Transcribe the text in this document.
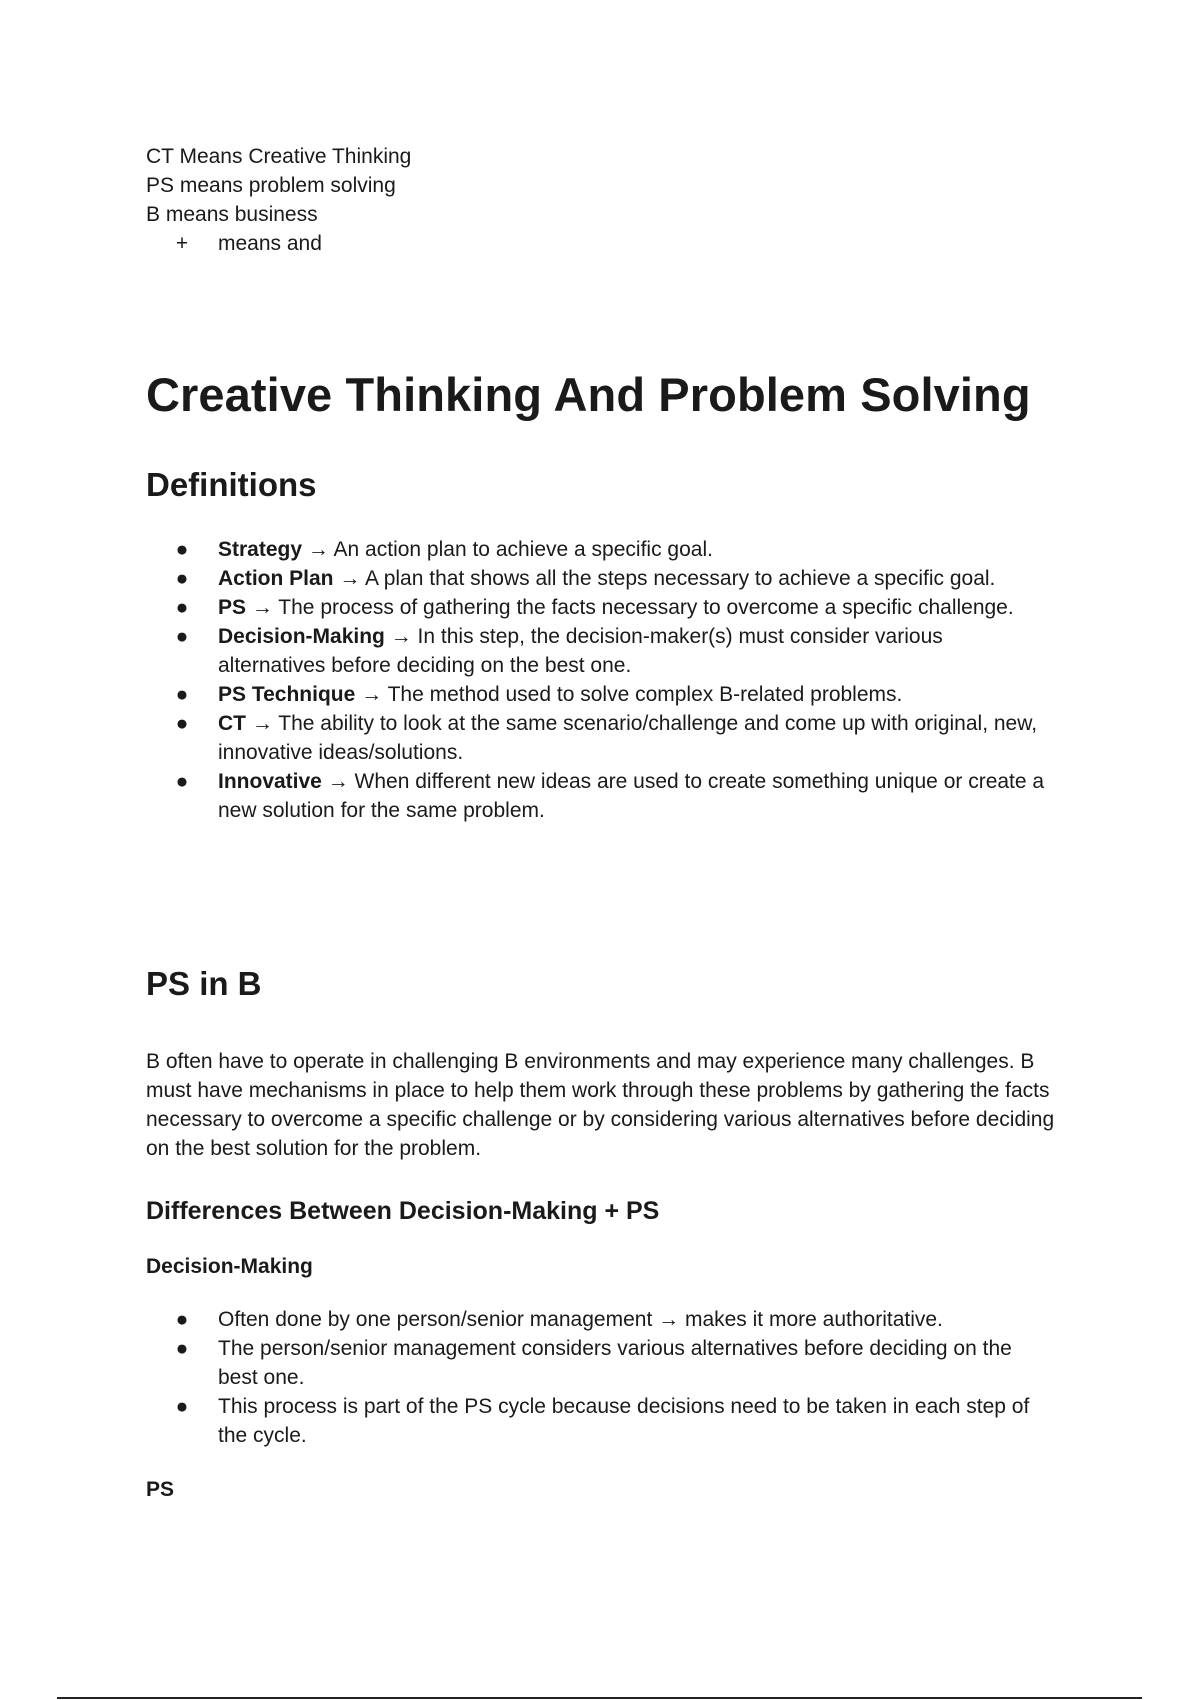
CT Means Creative Thinking

PS means problem solving

B means business

+	means and

Creative Thinking And Problem Solving
Definitions
●	Strategy → An action plan to achieve a specific goal.
●	Action Plan → A plan that shows all the steps necessary to achieve a specific goal.
●	PS → The process of gathering the facts necessary to overcome a specific challenge.
●	Decision-Making → In this step, the decision-maker(s) must consider various alternatives before deciding on the best one.
●	PS Technique → The method used to solve complex B-related problems.
●	CT → The ability to look at the same scenario/challenge and come up with original, new, innovative ideas/solutions.
●	Innovative → When different new ideas are used to create something unique or create a new solution for the same problem.
PS in B

B often have to operate in challenging B environments and may experience many challenges. B must have mechanisms in place to help them work through these problems by gathering the facts necessary to overcome a specific challenge or by considering various alternatives before deciding on the best solution for the problem.

Differences Between Decision-Making + PS
Decision-Making
●	Often done by one person/senior management → makes it more authoritative.
●	The person/senior management considers various alternatives before deciding on the best one.
●	This process is part of the PS cycle because decisions need to be taken in each step of the cycle.
PS
